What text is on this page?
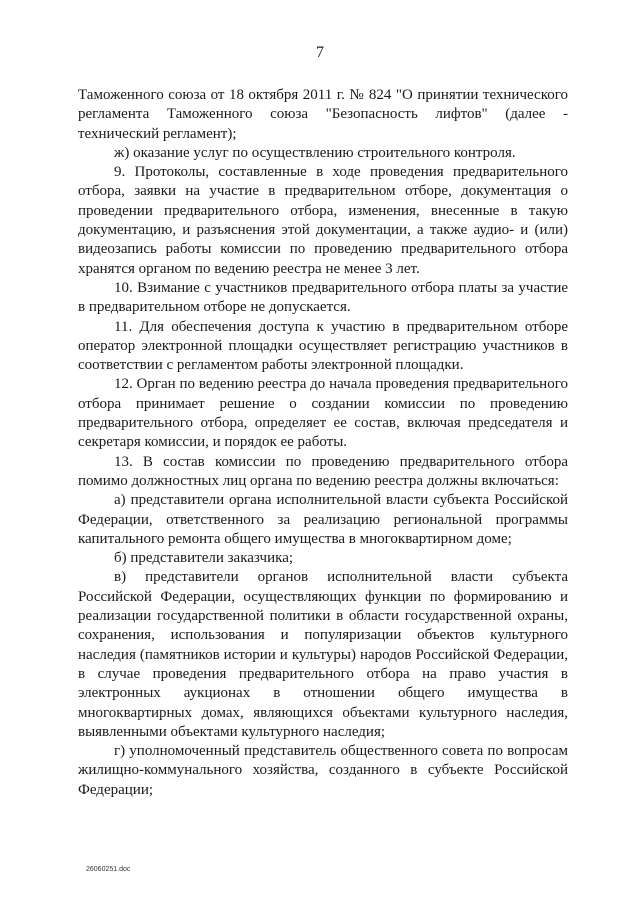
7

Таможенного союза от 18 октября 2011 г. № 824 "О принятии технического регламента Таможенного союза "Безопасность лифтов" (далее - технический регламент);

ж) оказание услуг по осуществлению строительного контроля.

9. Протоколы, составленные в ходе проведения предварительного отбора, заявки на участие в предварительном отборе, документация о проведении предварительного отбора, изменения, внесенные в такую документацию, и разъяснения этой документации, а также аудио- и (или) видеозапись работы комиссии по проведению предварительного отбора хранятся органом по ведению реестра не менее 3 лет.

10. Взимание с участников предварительного отбора платы за участие в предварительном отборе не допускается.

11. Для обеспечения доступа к участию в предварительном отборе оператор электронной площадки осуществляет регистрацию участников в соответствии с регламентом работы электронной площадки.

12. Орган по ведению реестра до начала проведения предварительного отбора принимает решение о создании комиссии по проведению предварительного отбора, определяет ее состав, включая председателя и секретаря комиссии, и порядок ее работы.

13. В состав комиссии по проведению предварительного отбора помимо должностных лиц органа по ведению реестра должны включаться:

а) представители органа исполнительной власти субъекта Российской Федерации, ответственного за реализацию региональной программы капитального ремонта общего имущества в многоквартирном доме;

б) представители заказчика;

в) представители органов исполнительной власти субъекта Российской Федерации, осуществляющих функции по формированию и реализации государственной политики в области государственной охраны, сохранения, использования и популяризации объектов культурного наследия (памятников истории и культуры) народов Российской Федерации, в случае проведения предварительного отбора на право участия в электронных аукционах в отношении общего имущества в многоквартирных домах, являющихся объектами культурного наследия, выявленными объектами культурного наследия;

г) уполномоченный представитель общественного совета по вопросам жилищно-коммунального хозяйства, созданного в субъекте Российской Федерации;

26060251.doc
